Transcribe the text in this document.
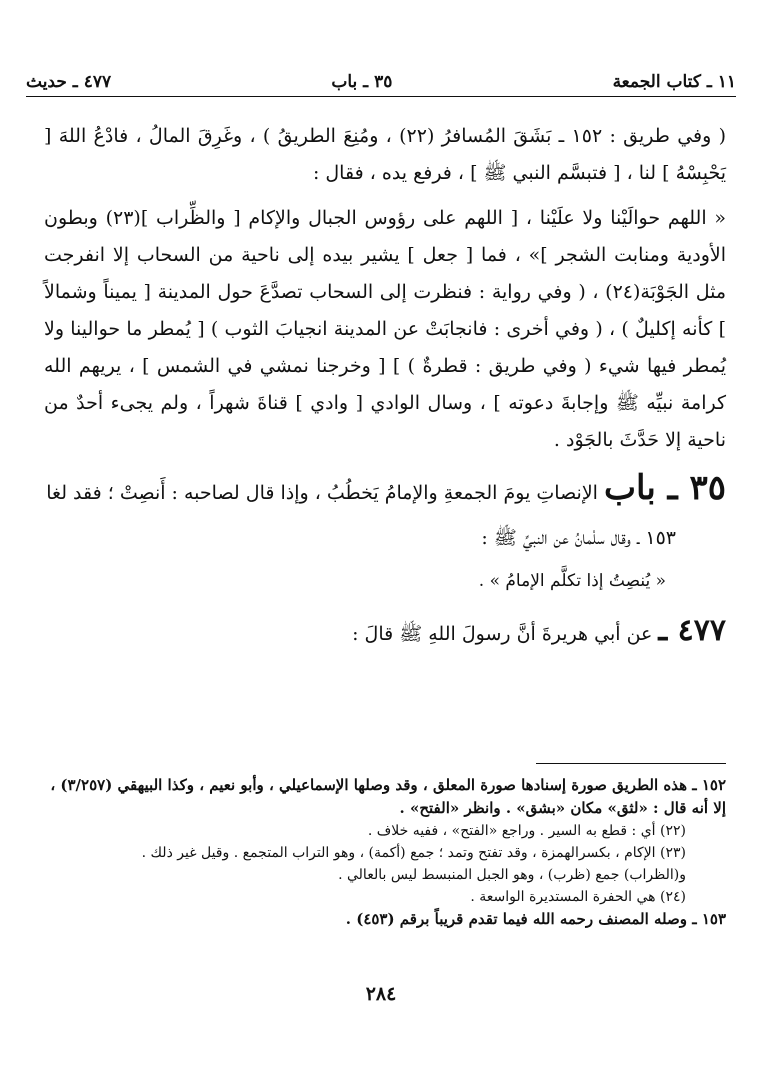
١١ ـ كتاب الجمعة
٣٥ ـ باب
٤٧٧ ـ حديث

( وفي طريق : ١٥٢ ـ بَشَقَ المُسافرُ (٢٢) ، ومُنِعَ الطريقُ ) ، وغَرِقَ المالُ ، فادْعُ اللهَ [ يَحْبِسْهُ ] لنا ، [ فتبسَّم النبي ﷺ ] ، فرفع يده ، فقال :

« اللهم حوالَيْنا ولا علَيْنا ، [ اللهم على رؤوس الجبال والإكام [ والظِّراب ](٢٣) وبطون الأودية ومنابت الشجر ]» ، فما [ جعل ] يشير بيده إلى ناحية من السحاب إلا انفرجت مثل الجَوْبَة(٢٤) ، ( وفي رواية : فنظرت إلى السحاب تصدَّعَ حول المدينة [ يميناً وشمالاً ] كأنه إكليلٌ ) ، ( وفي أخرى : فانجابَتْ عن المدينة انجيابَ الثوب ) [ يُمطر ما حوالينا ولا يُمطر فيها شيء ( وفي طريق : قطرةٌ ) ] [ وخرجنا نمشي في الشمس ] ، يريهم الله كرامة نبيِّه ﷺ وإجابةَ دعوته ] ، وسال الوادي [ وادي ] قناةَ شهراً ، ولم يجىء أحدٌ من ناحية إلا حَدَّثَ بالجَوْد .

٣٥ ـ باب الإنصاتِ يومَ الجمعةِ والإمامُ يَخطُبُ ، وإذا قال لصاحبه : أَنصِتْ ؛ فقد لغا

١٥٣ ـ وقال سلْمانُ عن النبيِّ ﷺ :

« يُنصِتُ إذا تكلَّم الإمامُ » .

٤٧٧ ـ عن أبي هريرةَ أنَّ رسولَ اللهِ ﷺ قالَ :

١٥٢ ـ هذه الطريق صورة إسنادها صورة المعلق ، وقد وصلها الإسماعيلي ، وأبو نعيم ، وكذا البيهقي (٣/٢٥٧) ، إلا أنه قال : «لثق» مكان «بشق» . وانظر «الفتح» .

(٢٢) أي : قطع به السير . وراجع «الفتح» ، ففيه خلاف .

(٢٣) الإكام ، بكسرالهمزة ، وقد تفتح وتمد ؛ جمع (أكمة) ، وهو التراب المتجمع . وقيل غير ذلك .

و(الظراب) جمع (ظرب) ، وهو الجبل المنبسط ليس بالعالي .

(٢٤) هي الحفرة المستديرة الواسعة .

١٥٣ ـ وصله المصنف رحمه الله فيما تقدم قريباً برقم (٤٥٣) .

٢٨٤
